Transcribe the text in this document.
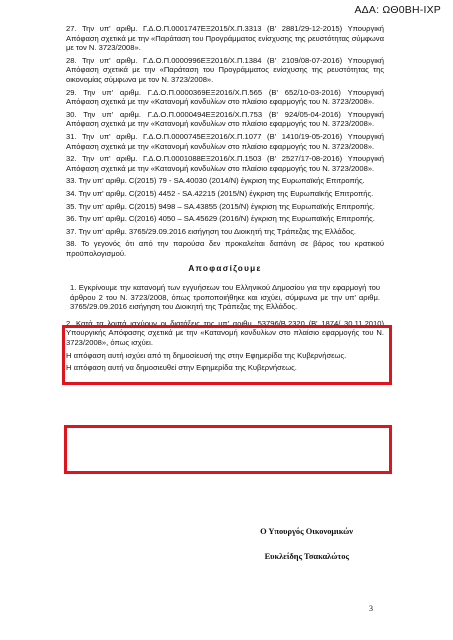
ΑΔΑ: ΩΘ0ΒΗ-ΙΧΡ

27. Την υπ' αριθμ. Γ.Δ.Ο.Π.0001747ΕΞ2015/Χ.Π.3313 (Β' 2881/29-12-2015) Υπουργική Απόφαση σχετικά με την «Παράταση του Προγράμματος ενίσχυσης της ρευστότητας σύμφωνα με τον Ν. 3723/2008».

28. Την υπ' αριθμ. Γ.Δ.Ο.Π.0000996ΕΞ2016/Χ.Π.1384 (Β' 2109/08-07-2016) Υπουργική Απόφαση σχετικά με την «Παράταση του Προγράμματος ενίσχυσης της ρευστότητας της οικονομίας σύμφωνα με τον Ν. 3723/2008».

29. Την υπ' αριθμ. Γ.Δ.Ο.Π.0000369ΕΞ2016/Χ.Π.565 (Β' 652/10-03-2016) Υπουργική Απόφαση σχετικά με την «Κατανομή κονδυλίων στο πλαίσιο εφαρμογής του Ν. 3723/2008».

30. Την υπ' αριθμ. Γ.Δ.Ο.Π.0000494ΕΞ2016/Χ.Π.753 (Β' 924/05-04-2016) Υπουργική Απόφαση σχετικά με την «Κατανομή κονδυλίων στο πλαίσιο εφαρμογής του Ν. 3723/2008».

31. Την υπ' αριθμ. Γ.Δ.Ο.Π.0000745ΕΞ2016/Χ.Π.1077 (Β' 1410/19-05-2016) Υπουργική Απόφαση σχετικά με την «Κατανομή κονδυλίων στο πλαίσιο εφαρμογής του Ν. 3723/2008».

32. Την υπ' αριθμ. Γ.Δ.Ο.Π.0001088ΕΞ2016/Χ.Π.1503 (Β' 2527/17-08-2016) Υπουργική Απόφαση σχετικά με την «Κατανομή κονδυλίων στο πλαίσιο εφαρμογής του Ν. 3723/2008».

33. Την υπ' αριθμ. C(2015) 79 - SA.40030 (2014/N) έγκριση της Ευρωπαϊκής Επιτροπής.

34. Την υπ' αριθμ. C(2015) 4452 - SA.42215 (2015/N) έγκριση της Ευρωπαϊκής Επιτροπής.

35. Την υπ' αριθμ. C(2015) 9498 – SA.43855 (2015/N) έγκριση της Ευρωπαϊκής Επιτροπής.

36. Την υπ' αριθμ. C(2016) 4050 – SA.45629 (2016/N) έγκριση της Ευρωπαϊκής Επιτροπής.

37. Την υπ' αριθμ. 3765/29.09.2016 εισήγηση του Διοικητή της Τράπεζας της Ελλάδος.

38. Το γεγονός ότι από την παρούσα δεν προκαλείται δαπάνη σε βάρος του κρατικού προϋπολογισμού.

Αποφασίζουμε

1. Εγκρίνουμε την κατανομή των εγγυήσεων του Ελληνικού Δημοσίου για την εφαρμογή του άρθρου 2 του Ν. 3723/2008, όπως τροποποιήθηκε και ισχύει, σύμφωνα με την υπ' αριθμ. 3765/29.09.2016 εισήγηση του Διοικητή της Τράπεζας της Ελλάδος.

2. Κατά τα λοιπά ισχύουν οι διατάξεις της υπ' αριθμ. 53796/Β.2320 (Β' 1874/ 30.11.2010) Υπουργικής Απόφασης σχετικά με την «Κατανομή κονδυλίων στο πλαίσιο εφαρμογής του Ν. 3723/2008», όπως ισχύει.

Η απόφαση αυτή ισχύει από τη δημοσίευσή της στην Εφημερίδα της Κυβερνήσεως.

Η απόφαση αυτή να δημοσιευθεί στην Εφημερίδα της Κυβερνήσεως.

Ο Υπουργός Οικονομικών
Ευκλείδης Τσακαλώτος
3
